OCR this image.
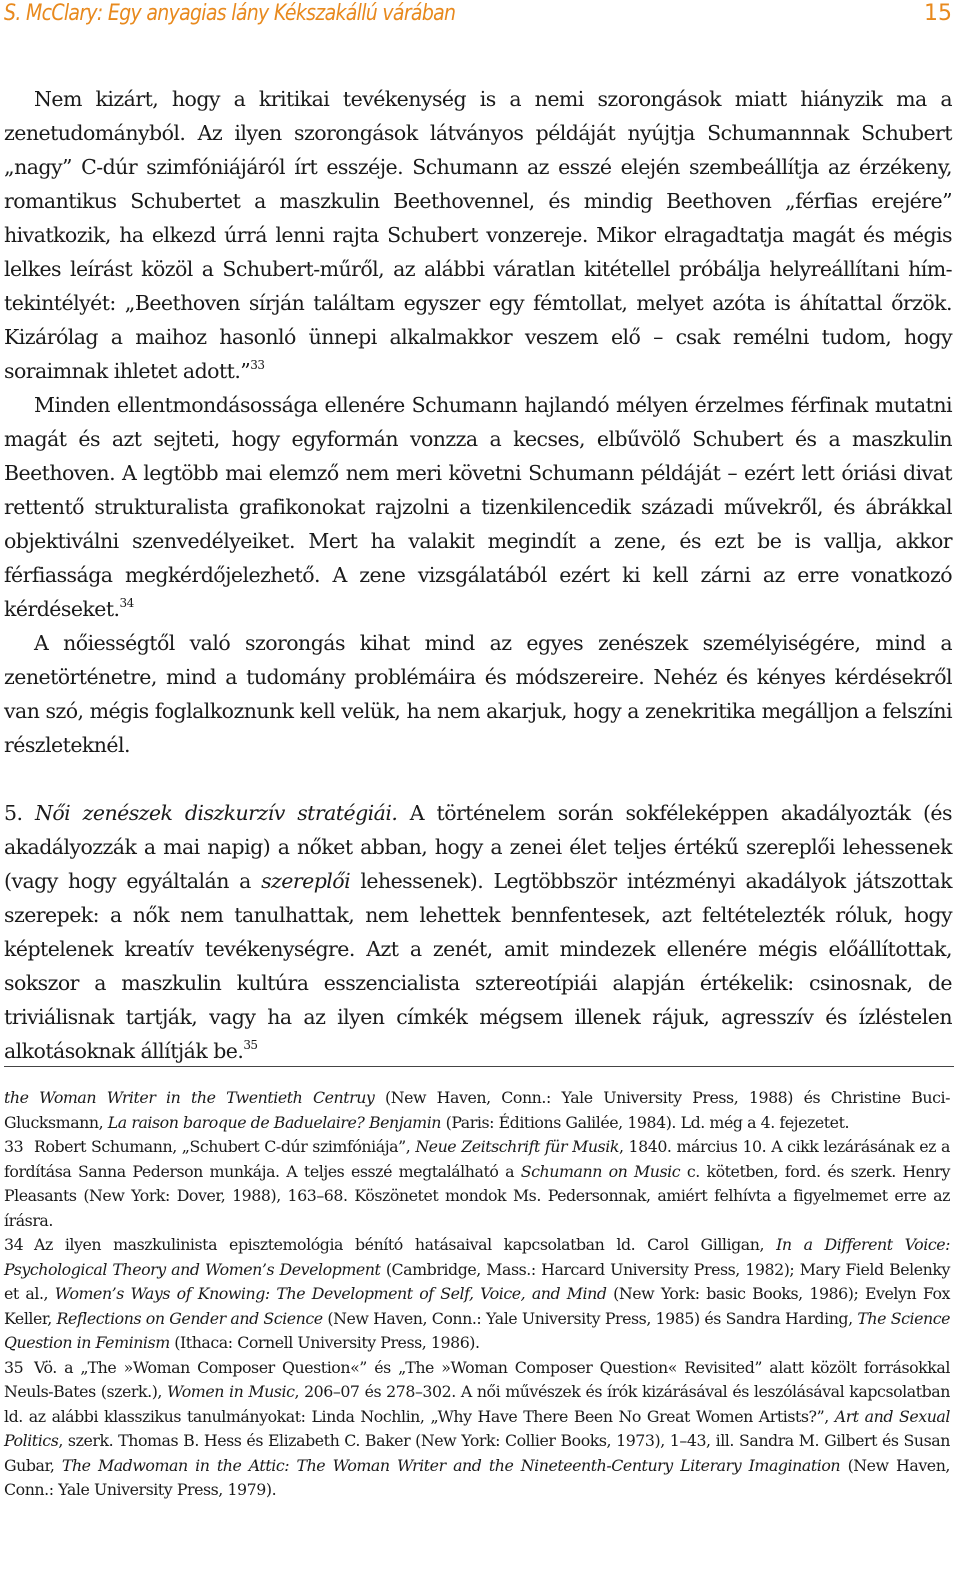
S. McClary: Egy anyagias lány Kékszakállú várában	15

Nem kizárt, hogy a kritikai tevékenység is a nemi szorongások miatt hiányzik ma a zenetudományból. Az ilyen szorongások látványos példáját nyújtja Schumannnak Schubert „nagy” C-dúr szimfóniájáról írt esszéje. Schumann az esszé elején szembeállítja az érzékeny, romantikus Schubertet a maszkulin Beethovennel, és mindig Beethoven „férfias erejére” hivatkozik, ha elkezd úrrá lenni rajta Schubert vonzereje. Mikor elragadtatja magát és mégis lelkes leírást közöl a Schubert-műről, az alábbi váratlan kitétellel próbálja helyreállítani hím-tekintélyét: „Beethoven sírján találtam egyszer egy fémtollat, melyet azóta is áhítattal őrzök. Kizárólag a maihoz hasonló ünnepi alkalmakkor veszem elő – csak remélni tudom, hogy soraimnak ihletet adott.”$^{33}$

Minden ellentmondásossága ellenére Schumann hajlandó mélyen érzelmes férfinak mutatni magát és azt sejteti, hogy egyformán vonzza a kecses, elbűvölő Schubert és a maszkulin Beethoven. A legtöbb mai elemző nem meri követni Schumann példáját – ezért lett óriási divat rettentő strukturalista grafikonokat rajzolni a tizenkilencedik századi művekről, és ábrákkal objektiválni szenvedélyeiket. Mert ha valakit megindít a zene, és ezt be is vallja, akkor férfiassága megkérdőjelezhető. A zene vizsgálatából ezért ki kell zárni az erre vonatkozó kérdéseket.$^{34}$

A nőiességtől való szorongás kihat mind az egyes zenészek személyiségére, mind a zenetörténetre, mind a tudomány problémáira és módszereire. Nehéz és kényes kérdésekről van szó, mégis foglalkoznunk kell velük, ha nem akarjuk, hogy a zenekritika megálljon a felszíni részleteknél.

5. Női zenészek diszkurzív stratégiái. A történelem során sokféleképpen akadályozták (és akadályozzák a mai napig) a nőket abban, hogy a zenei élet teljes értékű szereplői lehessenek (vagy hogy egyáltalán a szereplői lehessenek). Legtöbbször intézményi akadályok játszottak szerepek: a nők nem tanulhattak, nem lehettek bennfentesek, azt feltételezték róluk, hogy képtelenek kreatív tevékenységre. Azt a zenét, amit mindezek ellenére mégis előállítottak, sokszor a maszkulin kultúra esszencialista sztereotípiái alapján értékelik: csinosnak, de triviálisnak tartják, vagy ha az ilyen címkék mégsem illenek rájuk, agresszív és ízléstelen alkotásoknak állítják be.$^{35}$

the Woman Writer in the Twentieth Centruy (New Haven, Conn.: Yale University Press, 1988) és Christine Buci-Glucksmann, La raison baroque de Baduelaire? Benjamin (Paris: Éditions Galilée, 1984). Ld. még a 4. fejezetet.

33 Robert Schumann, „Schubert C-dúr szimfóniája”, Neue Zeitschrift für Musik, 1840. március 10. A cikk lezárásának ez a fordítása Sanna Pederson munkája. A teljes esszé megtalálható a Schumann on Music c. kötetben, ford. és szerk. Henry Pleasants (New York: Dover, 1988), 163–68. Köszönetet mondok Ms. Pedersonnak, amiért felhívta a figyelmemet erre az írásra.

34 Az ilyen maszkulinista episztemológia bénító hatásaival kapcsolatban ld. Carol Gilligan, In a Different Voice: Psychological Theory and Women’s Development (Cambridge, Mass.: Harcard University Press, 1982); Mary Field Belenky et al., Women’s Ways of Knowing: The Development of Self, Voice, and Mind (New York: basic Books, 1986); Evelyn Fox Keller, Reflections on Gender and Science (New Haven, Conn.: Yale University Press, 1985) és Sandra Harding, The Science Question in Feminism (Ithaca: Cornell University Press, 1986).

35 Vö. a „The »Woman Composer Question«” és „The »Woman Composer Question« Revisited” alatt közölt forrásokkal Neuls-Bates (szerk.), Women in Music, 206–07 és 278–302. A női művészek és írók kizárásával és leszólásával kapcsolatban ld. az alábbi klasszikus tanulmányokat: Linda Nochlin, „Why Have There Been No Great Women Artists?”, Art and Sexual Politics, szerk. Thomas B. Hess és Elizabeth C. Baker (New York: Collier Books, 1973), 1–43, ill. Sandra M. Gilbert és Susan Gubar, The Madwoman in the Attic: The Woman Writer and the Nineteenth-Century Literary Imagination (New Haven, Conn.: Yale University Press, 1979).
